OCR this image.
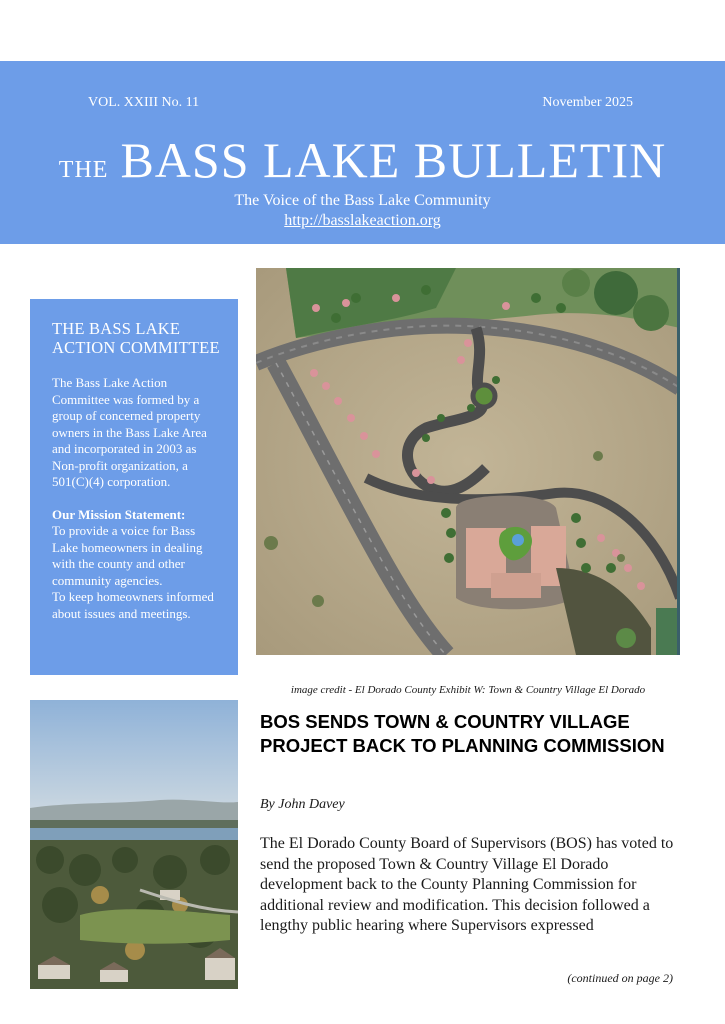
VOL. XXIII No. 11	November 2025
THE BASS LAKE BULLETIN
The Voice of the Bass Lake Community
http://basslakeaction.org
THE BASS LAKE
ACTION COMMITTEE

The Bass Lake Action Committee was formed by a group of concerned property owners in the Bass Lake Area and incorporated in 2003 as Non-profit organization, a 501(C)(4) corporation.

Our Mission Statement:

To provide a voice for Bass Lake homeowners in dealing with the county and other community agencies.

To keep homeowners informed about issues and meetings.

image credit - El Dorado County Exhibit W: Town & Country Village El Dorado
BOS SENDS TOWN & COUNTRY VILLAGE PROJECT BACK TO PLANNING COMMISSION
By John Davey

The El Dorado County Board of Supervisors (BOS) has voted to send the proposed Town & Country Village El Dorado development back to the County Planning Commission for additional review and modification. This decision followed a lengthy public hearing where Supervisors expressed

(continued on page 2)
